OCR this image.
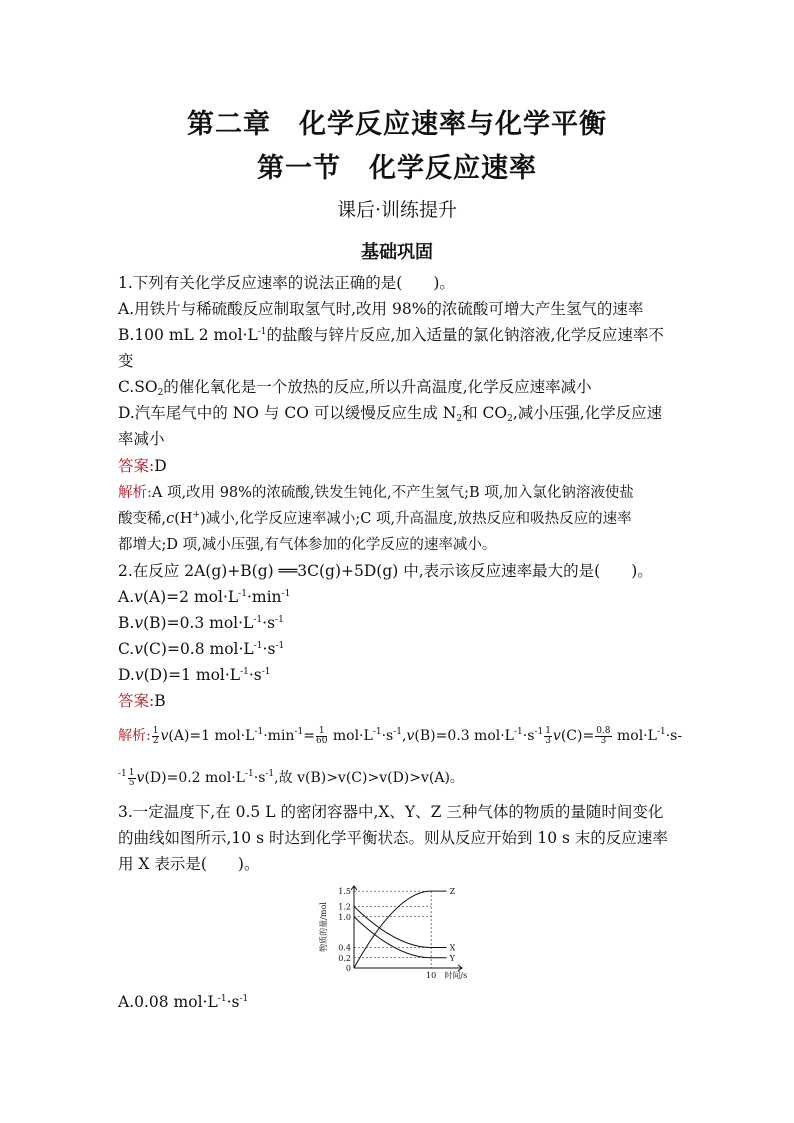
第二章　化学反应速率与化学平衡
第一节　化学反应速率
课后·训练提升
基础巩固
1.下列有关化学反应速率的说法正确的是(　　)。
A.用铁片与稀硫酸反应制取氢气时,改用 98%的浓硫酸可增大产生氢气的速率
B.100 mL 2 $mol\cdot L^{-1}$的盐酸与锌片反应,加入适量的氯化钠溶液,化学反应速率不
变
$C.SO_2$的催化氧化是一个放热的反应,所以升高温度,化学反应速率减小
D.汽车尾气中的 NO 与 CO 可以缓慢反应生成 $N_2$和 $CO_2$,减小压强,化学反应速
率减小
答案:D
解析:A 项,改用 98%的浓硫酸,铁发生钝化,不产生氢气;B 项,加入氯化钠溶液使盐
酸变稀,c(H+)减小,化学反应速率减小;C 项,升高温度,放热反应和吸热反应的速率
都增大;D 项,减小压强,有气体参加的化学反应的速率减小。
2.在反应 2A(g)+B(g) ══3C(g)+5D(g) 中,表示该反应速率最大的是(　　)。
A.v(A)=2 $mol\cdot L^{-1}\cdot\min^{-1}$
B.v(B)=0.3 $mol\cdot L^{-1}\cdot s^{-1}$
C.v(C)=0.8 $mol\cdot L^{-1}\cdot s^{-1}$
D.v(D)=1 $mol\cdot L^{-1}\cdot s^{-1}$
答案:B
解析: $\frac{1}{2} v(A)=1$ $mol\cdot L^{-1}\cdot\min^{-1}= \frac{1}{60} mol\cdot L^{-1}\cdot s^{-1},v(B)=0.3$ $mol\cdot L^{-1}\cdot s^{-1} \frac{1}{3} v(C)= \frac{0.8}{3} mol\cdot L^{-1}\cdot s-$
$^{-1} \frac{1}{5} v(D)=0.2$ $mol\cdot L^{-1}\cdot s^{-1}$,故 v(B)>v(C)>v(D)>v(A)。
3.一定温度下,在 0.5 L 的密闭容器中,X、Y、Z 三种气体的物质的量随时间变化
的曲线如图所示,10 s 时达到化学平衡状态。则从反应开始到 10 s 末的反应速率
用 X 表示是(　　)。
0
0.2
0.4
1.0
1.2
1.5
10 时间/s
物质的量/mol
Z
X
Y
A.0.08 $mol\cdot L^{-1}\cdot s^{-1}$
